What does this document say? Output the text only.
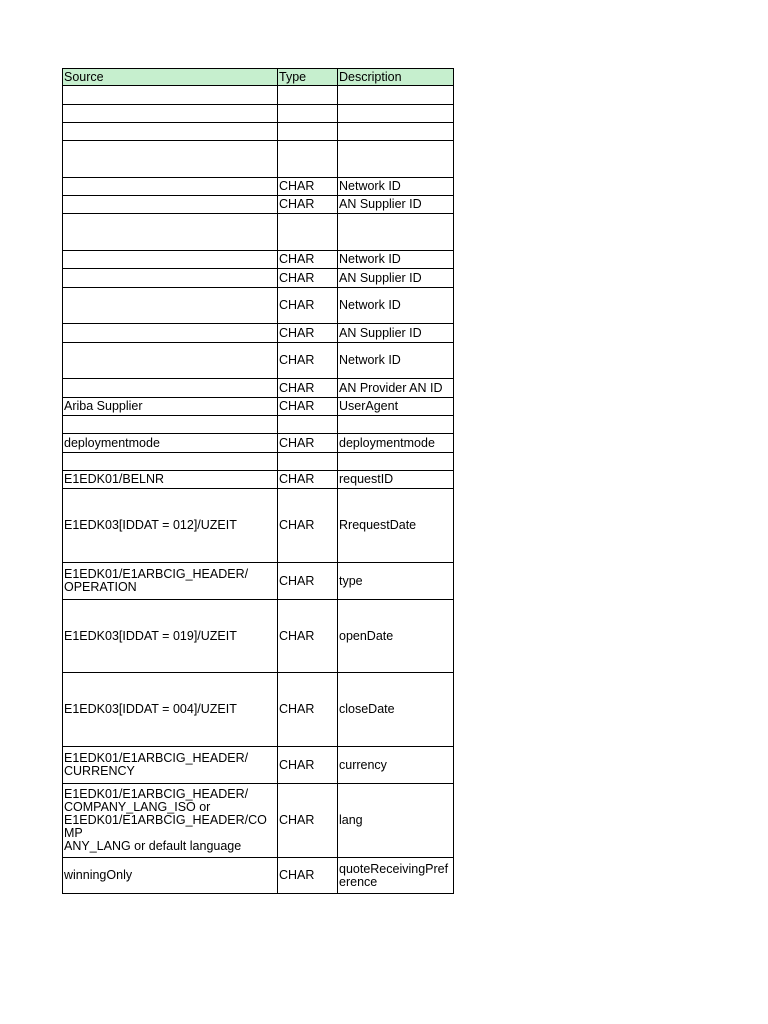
Source	Type	Description

	CHAR	Network ID
	CHAR	AN Supplier ID

	CHAR	Network ID
	CHAR	AN Supplier ID
	CHAR	Network ID
	CHAR	AN Supplier ID
	CHAR	Network ID
	CHAR	AN Provider AN ID
Ariba Supplier	CHAR	UserAgent

deploymentmode	CHAR	deploymentmode

E1EDK01/BELNR	CHAR	requestID
E1EDK03[IDDAT = 012]/UZEIT	CHAR	RrequestDate
E1EDK01/E1ARBCIG_HEADER/
OPERATION	CHAR	type
E1EDK03[IDDAT = 019]/UZEIT	CHAR	openDate
E1EDK03[IDDAT = 004]/UZEIT	CHAR	closeDate
E1EDK01/E1ARBCIG_HEADER/
CURRENCY	CHAR	currency
E1EDK01/E1ARBCIG_HEADER/
COMPANY_LANG_ISO or
E1EDK01/E1ARBCIG_HEADER/COMP
ANY_LANG or default language	CHAR	lang
winningOnly	CHAR	quoteReceivingPref
erence
